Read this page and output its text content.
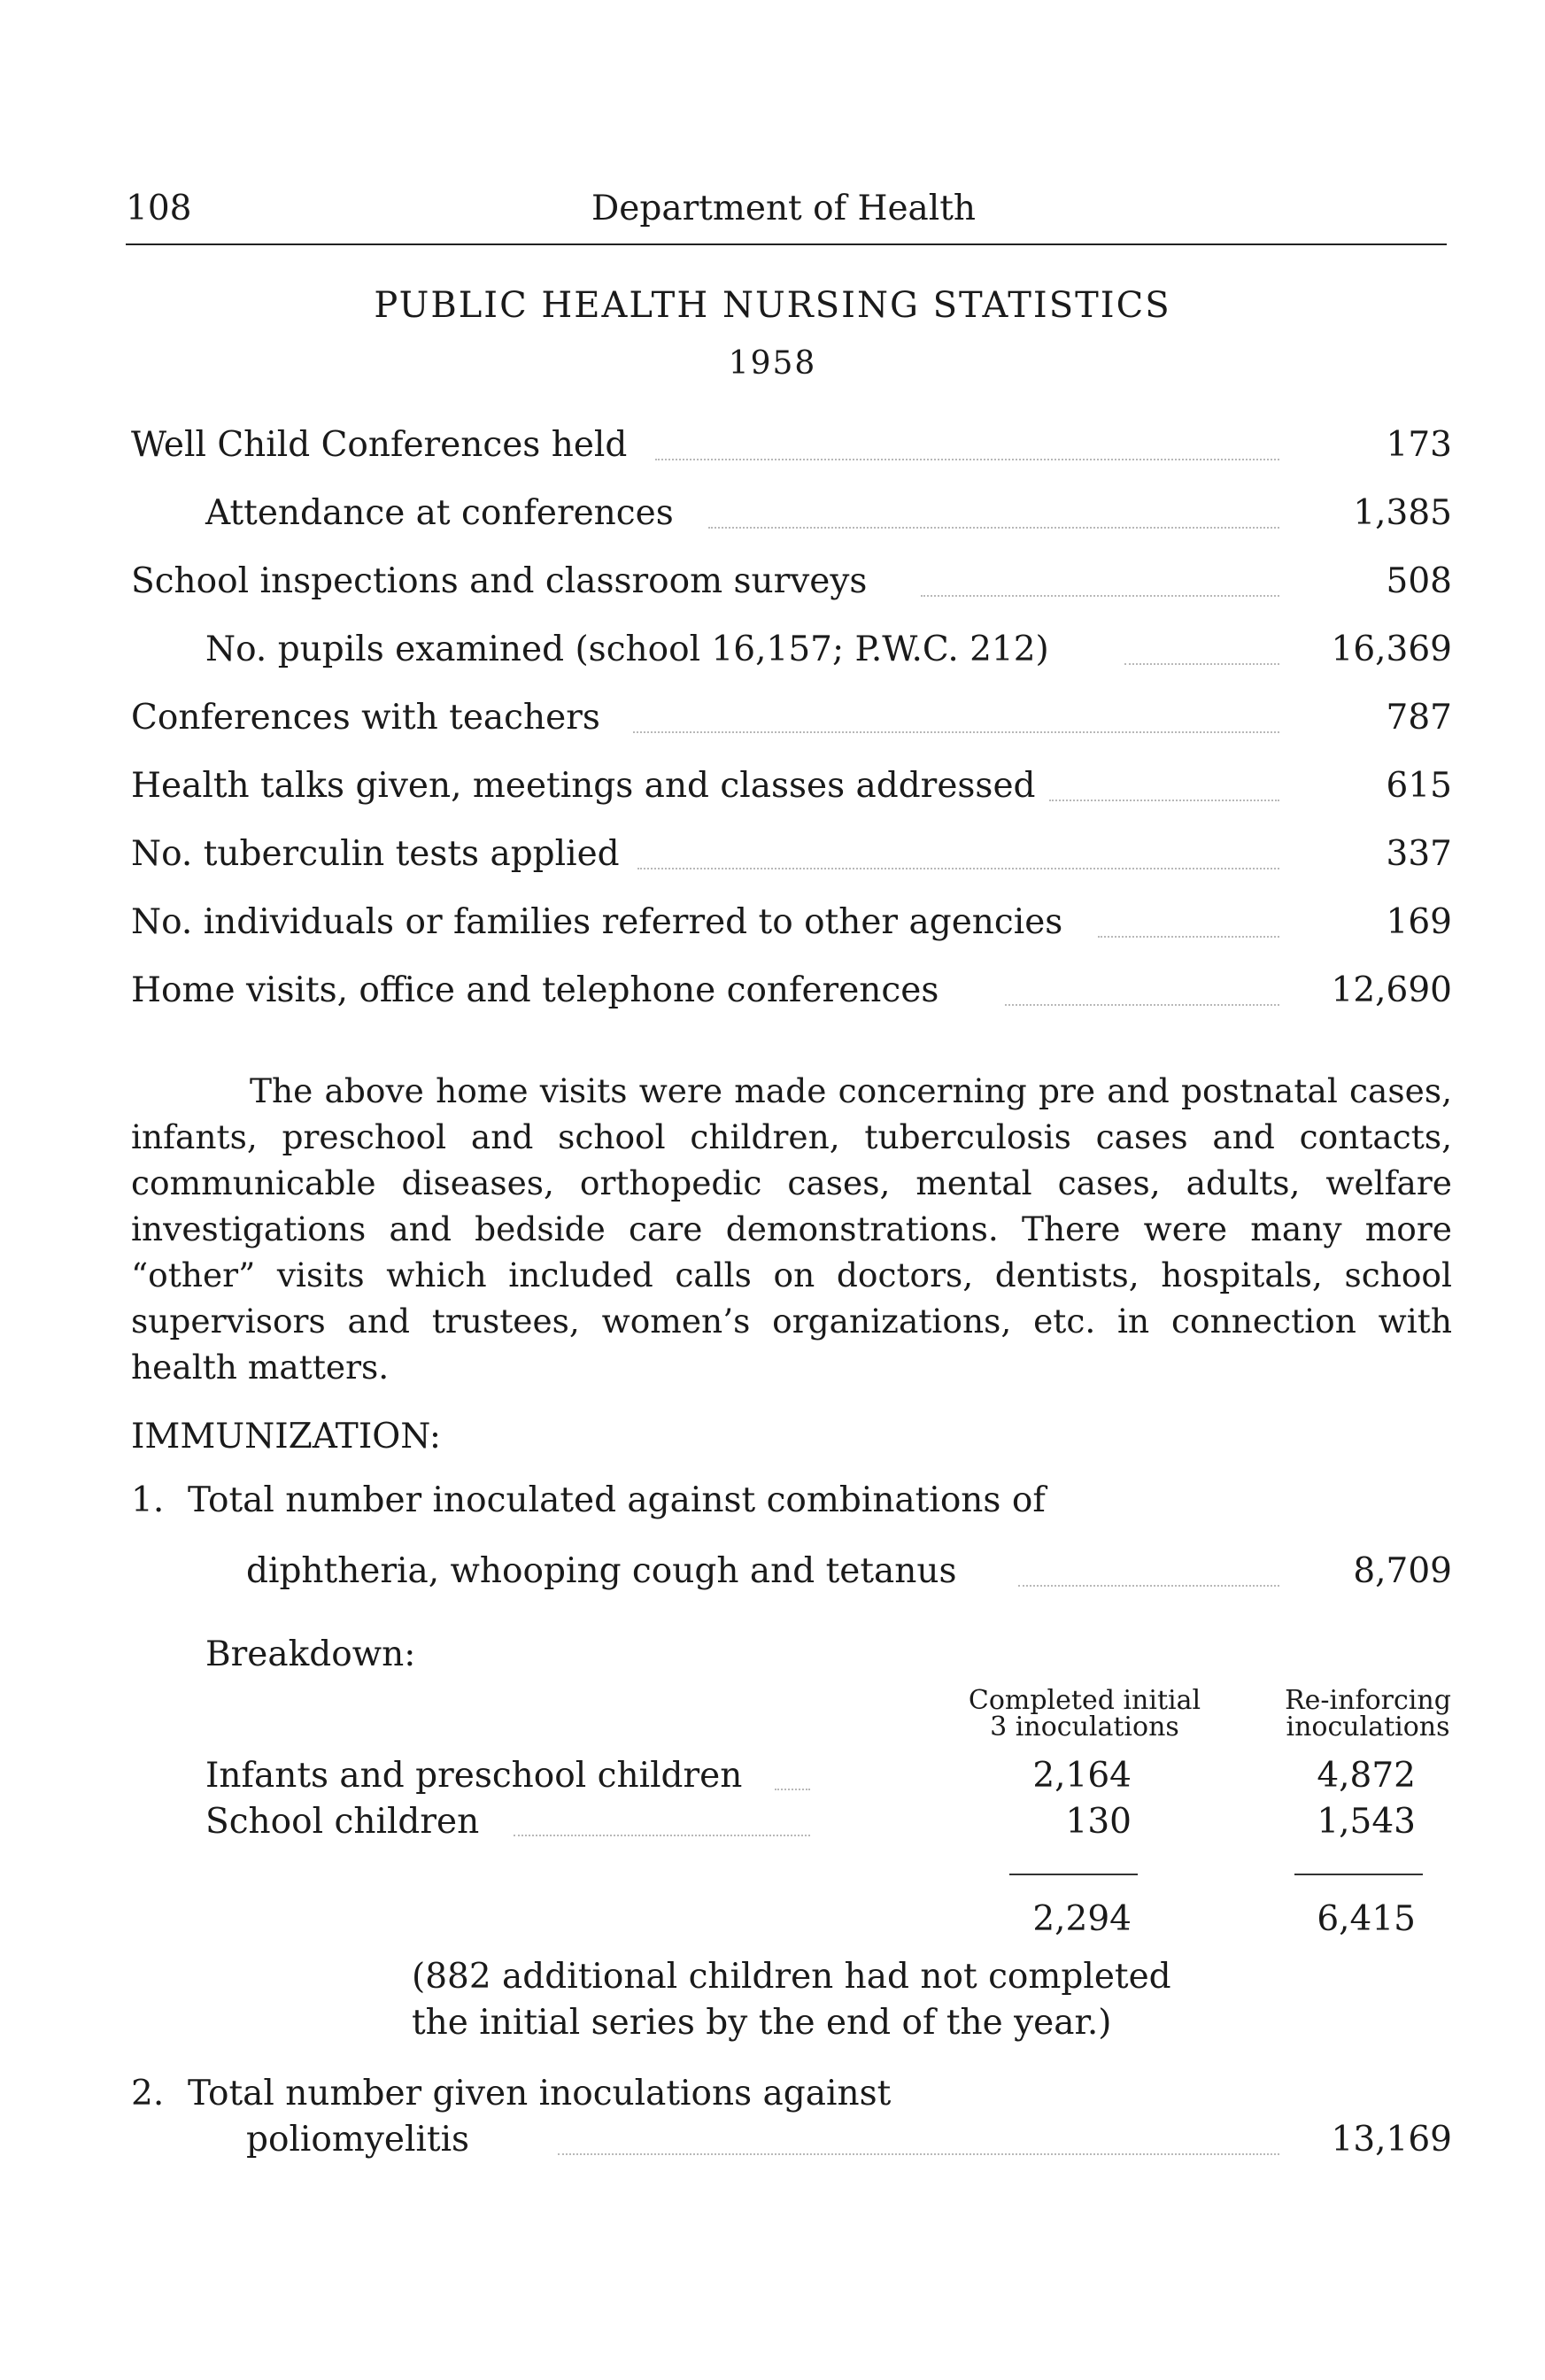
108	Department of Health
PUBLIC HEALTH NURSING STATISTICS
1958
Well Child Conferences held	173
Attendance at conferences	1,385
School inspections and classroom surveys	508
No. pupils examined (school 16,157; P.W.C. 212)	16,369
Conferences with teachers	787
Health talks given, meetings and classes addressed	615
No. tuberculin tests applied	337
No. individuals or families referred to other agencies	169
Home visits, office and telephone conferences	12,690

The above home visits were made concerning pre and postnatal cases, infants, preschool and school children, tuberculosis cases and contacts, communicable diseases, orthopedic cases, mental cases, adults, welfare investigations and bedside care demonstrations. There were many more “other” visits which included calls on doctors, dentists, hospitals, school supervisors and trustees, women’s organizations, etc. in connection with health matters.

IMMUNIZATION:
1. Total number inoculated against combinations of
diphtheria, whooping cough and tetanus	8,709
Breakdown:
Completed initial
3 inoculations
Re-inforcing
inoculations
Infants and preschool children	2,164	4,872
School children	130	1,543
2,294	6,415
(882 additional children had not completed
the initial series by the end of the year.)
2. Total number given inoculations against
poliomyelitis	13,169
